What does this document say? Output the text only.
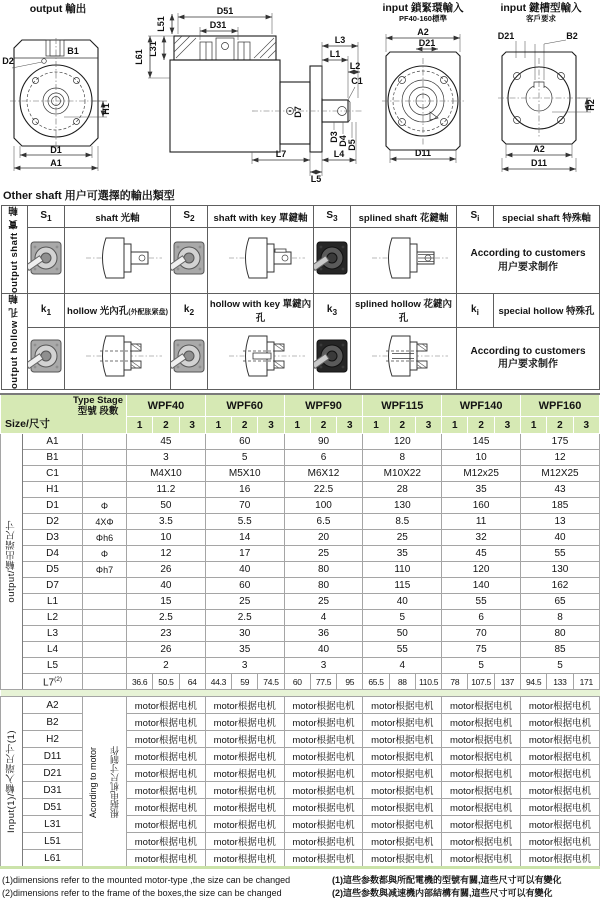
output 輸出
D2
B1
H1
D1
A1
D7
D51
D31
L51
L31
L61
L3
L1
L2
C1
D3 D4 D5
L7	L4
L5
input 鎖緊環輸入
PF40-160標準
A2
D21
D11
input 鍵槽型輸入
客戶要求
D21	B2
H2
A2
D11
Other shaft 用户可選擇的輸出類型
output shaft 實 軸	$S_1$	shaft 光軸	$S_2$	shaft with key 單鍵軸	$S_3$	splined shaft 花鍵軸	$S_i$	special shaft 特殊軸

According to customers
用户要求制作	

output hollow 孔 軸	$k_1$	hollow 光內孔(外配胀紧盘)	$k_2$	hollow with key 單鍵內孔	$k_3$	splined hollow 花鍵內孔	$k_i$	special hollow 特殊孔

According to customers
用户要求制作	
Type Stage
型號 段數
Size/尺寸			WPF40			WPF60			WPF90			WPF115			WPF140			WPF160		
			1	2	3	1	2	3	1	2	3	1	2	3	1	2	3	1	2	3

output/輸出端尺寸	A1		45			60			90			120			145			175		
	B1		3			5			6			8			10			12		
	C1		M4X10			M5X10			M6X12			M10X22			M12x25			M12X25		
	H1		11.2			16			22.5			28			35			43		
	D1	Φ	50			70			100			130			160			185		
	D2	4XΦ	3.5			5.5			6.5			8.5			11			13		
	D3	Φh6	10			14			20			25			32			40		
	D4	Φ	12			17			25			35			45			55		
	D5	Φh7	26			40			80			110			120			130		
	D7		40			60			80			115			140			162		
	L1		15			25			25			40			55			65		
	L2		2.5			2.5			4			5			6			8		
	L3		23			30			36			50			70			80		
	L4		26			35			40			55			75			85		
	L5		2			3			3			4			5			5		
	L7$^{(2)}$		36.6	50.5	64	44.3	59	74.5	60	77.5	95	65.5	88	110.5	78	107.5	137	94.5	133	171

Input(1)/輸入端尺寸(1)	A2	Acording to motor 根据电机尺寸制作	motor根据电机			motor根据电机			motor根据电机			motor根据电机			motor根据电机			motor根据电机		
	B2		motor根据电机			motor根据电机			motor根据电机			motor根据电机			motor根据电机			motor根据电机		
	H2		motor根据电机			motor根据电机			motor根据电机			motor根据电机			motor根据电机			motor根据电机		
	D11		motor根据电机			motor根据电机			motor根据电机			motor根据电机			motor根据电机			motor根据电机		
	D21		motor根据电机			motor根据电机			motor根据电机			motor根据电机			motor根据电机			motor根据电机		
	D31		motor根据电机			motor根据电机			motor根据电机			motor根据电机			motor根据电机			motor根据电机		
	D51		motor根据电机			motor根据电机			motor根据电机			motor根据电机			motor根据电机			motor根据电机		
	L31		motor根据电机			motor根据电机			motor根据电机			motor根据电机			motor根据电机			motor根据电机		
	L51		motor根据电机			motor根据电机			motor根据电机			motor根据电机			motor根据电机			motor根据电机		
	L61		motor根据电机			motor根据电机			motor根据电机			motor根据电机			motor根据电机			motor根据电机		
(1)dimensions refer to the mounted motor-type ,the size can be changed
(2)dimensions refer to the frame of the boxes,the size can be changed
(1)這些参数都與所配電機的型號有關,這些尺寸可以有變化
(2)這些参数與减速機内部結構有關,這些尺寸可以有變化
